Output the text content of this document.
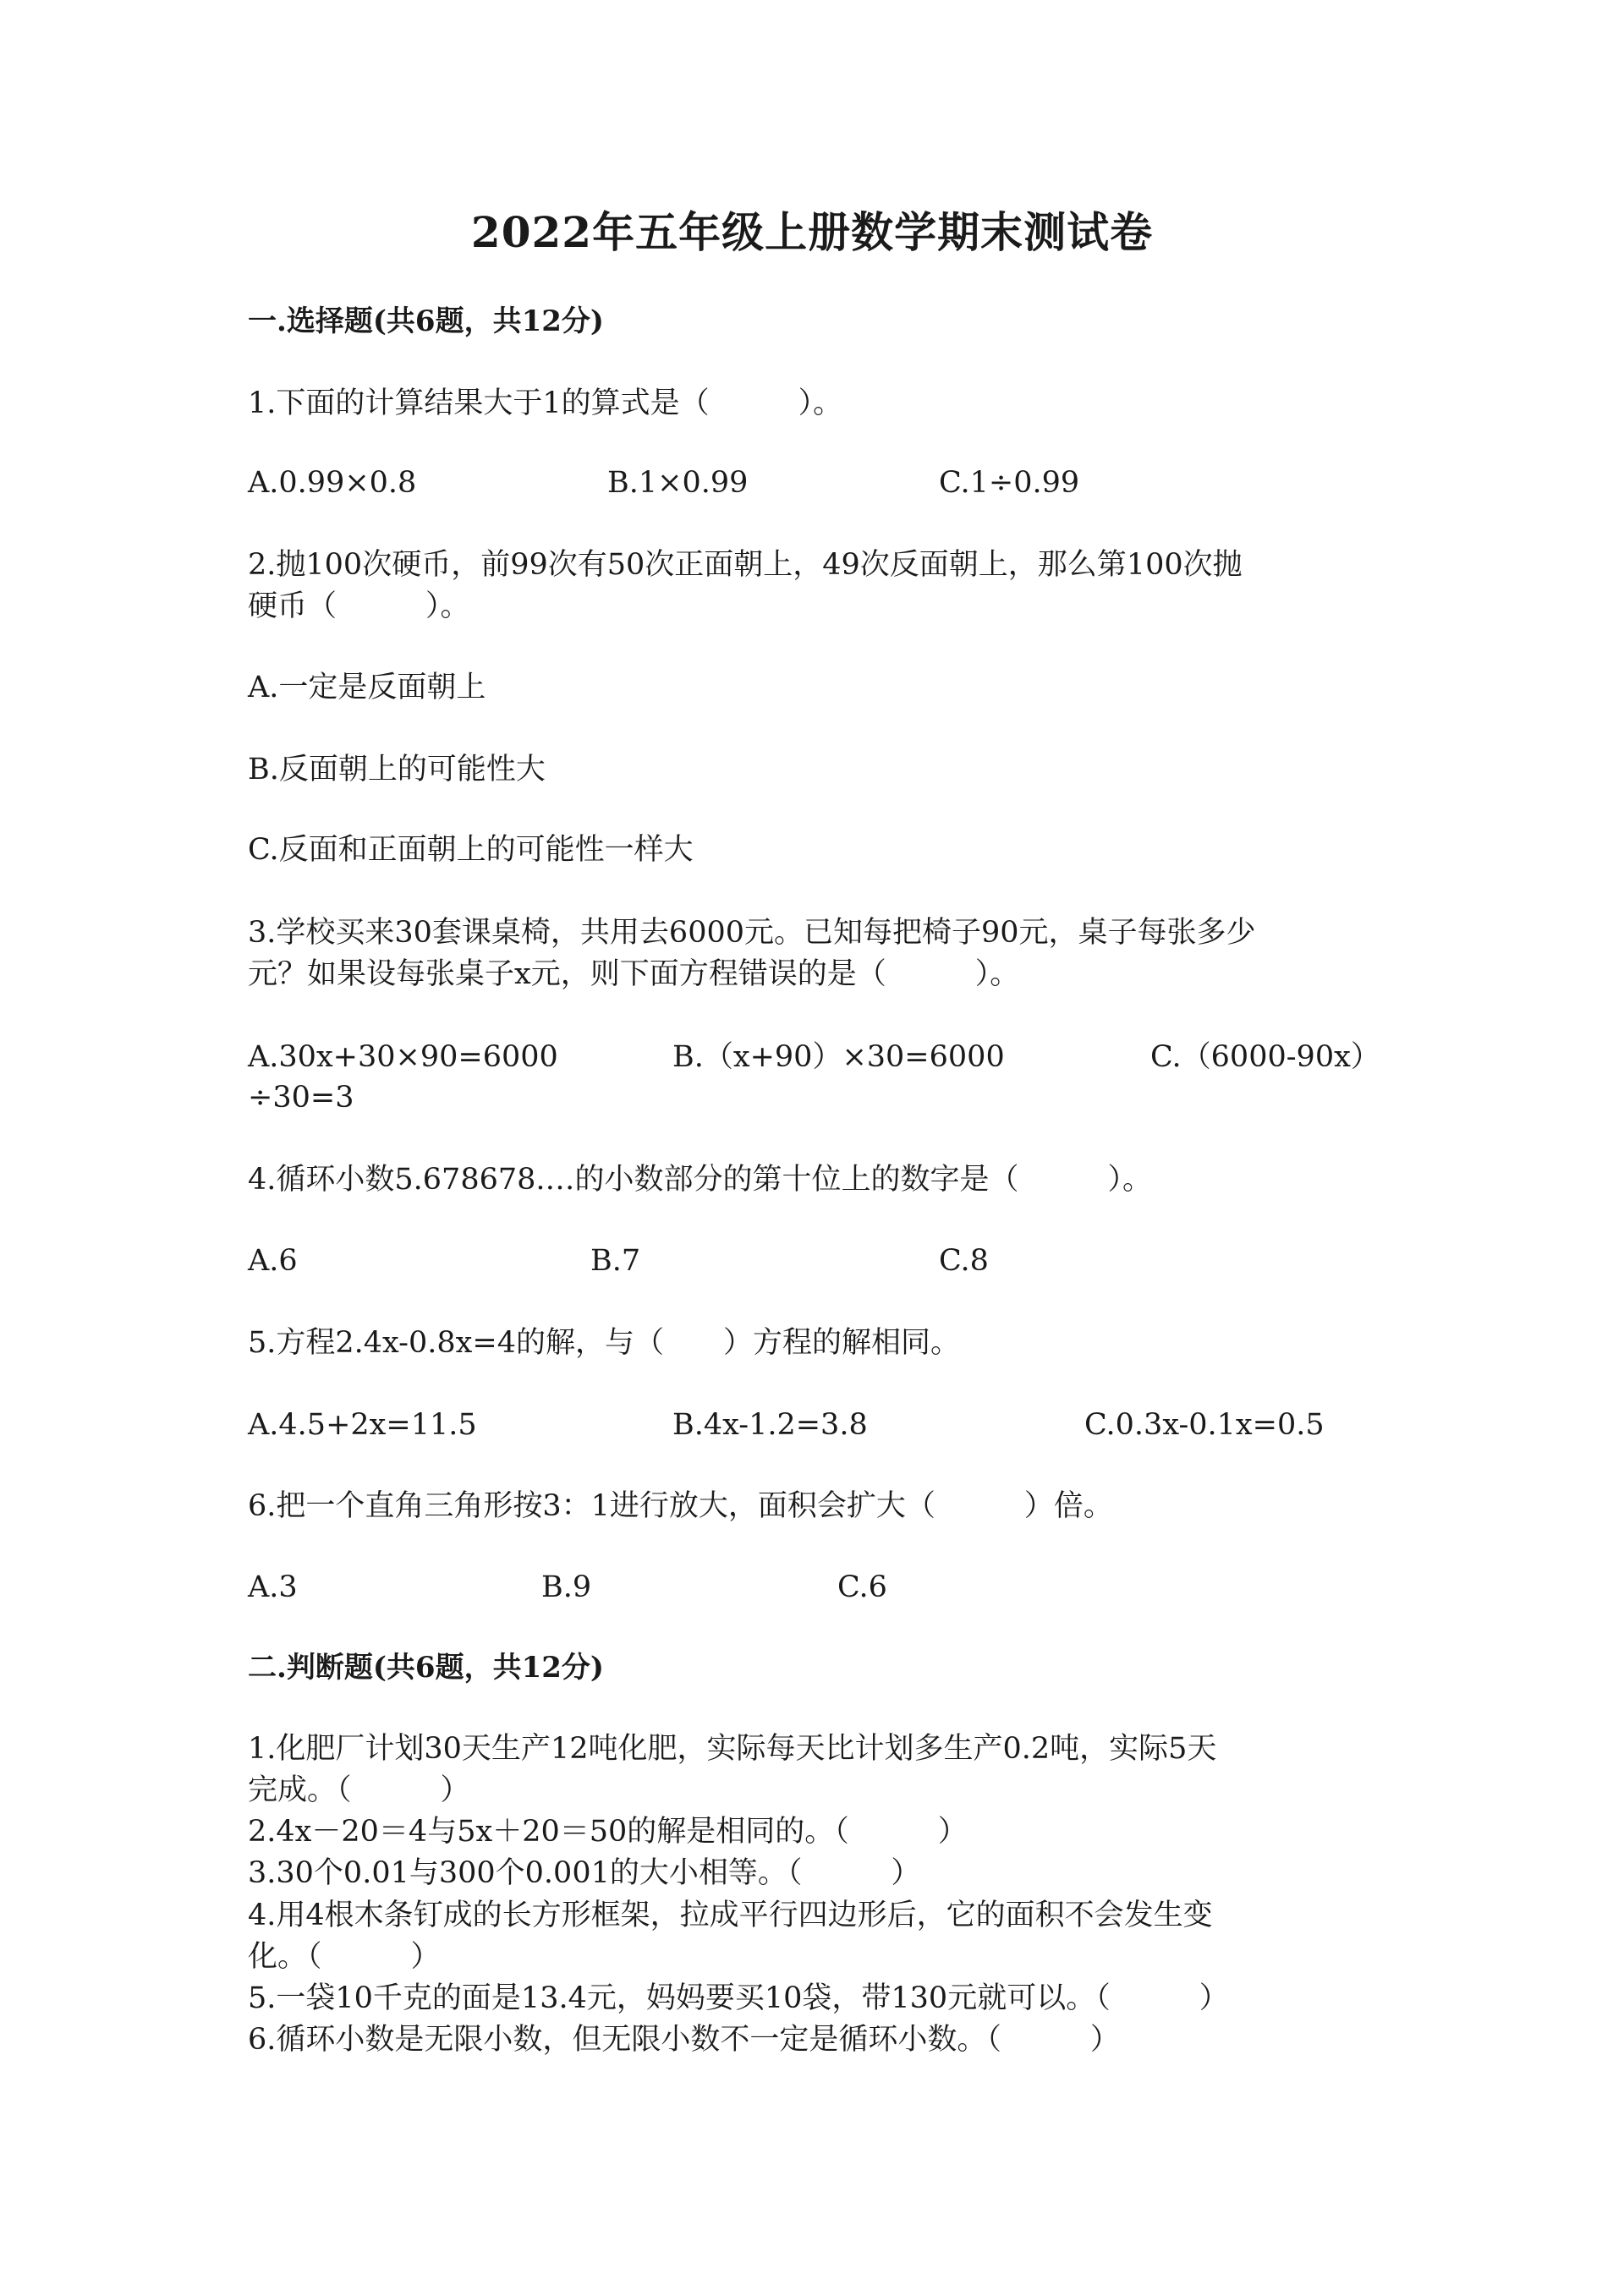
2022年五年级上册数学期末测试卷
一.选择题(共6题，共12分)
1.下面的计算结果大于1的算式是（　　　）。
A.0.99×0.8	B.1×0.99	C.1÷0.99
2.抛100次硬币，前99次有50次正面朝上，49次反面朝上，那么第100次抛
硬币（　　　）。
A.一定是反面朝上
B.反面朝上的可能性大
C.反面和正面朝上的可能性一样大
3.学校买来30套课桌椅，共用去6000元。已知每把椅子90元，桌子每张多少
元？如果设每张桌子x元，则下面方程错误的是（　　　）。
A.30x+30×90=6000	B.（x+90）×30=6000	C.（6000-90x）
÷30=3
4.循环小数5.678678.…的小数部分的第十位上的数字是（　　　）。
A.6	B.7	C.8
5.方程2.4x-0.8x=4的解，与（　　）方程的解相同。
A.4.5+2x=11.5	B.4x-1.2=3.8	C.0.3x-0.1x=0.5
6.把一个直角三角形按3：1进行放大，面积会扩大（　　　）倍。
A.3	B.9	C.6
二.判断题(共6题，共12分)
1.化肥厂计划30天生产12吨化肥，实际每天比计划多生产0.2吨，实际5天
完成。（　　　）
2.4x－20＝4与5x＋20＝50的解是相同的。（　　　）
3.30个0.01与300个0.001的大小相等。（　　　）
4.用4根木条钉成的长方形框架，拉成平行四边形后，它的面积不会发生变
化。（　　　）
5.一袋10千克的面是13.4元，妈妈要买10袋，带130元就可以。（　　　）
6.循环小数是无限小数，但无限小数不一定是循环小数。（　　　）
